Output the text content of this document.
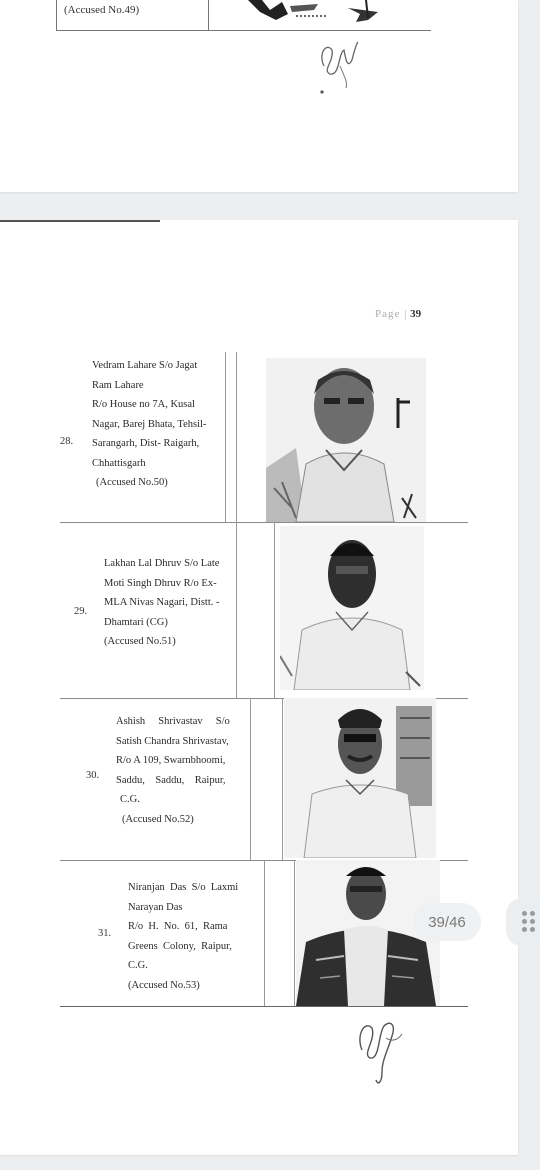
(Accused No.49)
Page | 39
28.
Vedram Lahare S/o Jagat
Ram Lahare
R/o House no 7A, Kusal
Nagar, Barej Bhata, Tehsil-
Sarangarh, Dist- Raigarh,
Chhattisgarh
(Accused No.50)
29.
Lakhan Lal Dhruv S/o Late
Moti Singh Dhruv R/o Ex-
MLA Nivas Nagari, Distt. -
Dhamtari (CG)
(Accused No.51)
30.
Ashish     Shrivastav     S/o
Satish Chandra Shrivastav,
R/o A 109, Swarnbhoomi,
Saddu,    Saddu,    Raipur,
C.G.
(Accused No.52)
31.
Niranjan  Das  S/o  Laxmi
Narayan Das
R/o  H.  No.  61,  Rama
Greens  Colony,  Raipur,
C.G.
(Accused No.53)
39/46
